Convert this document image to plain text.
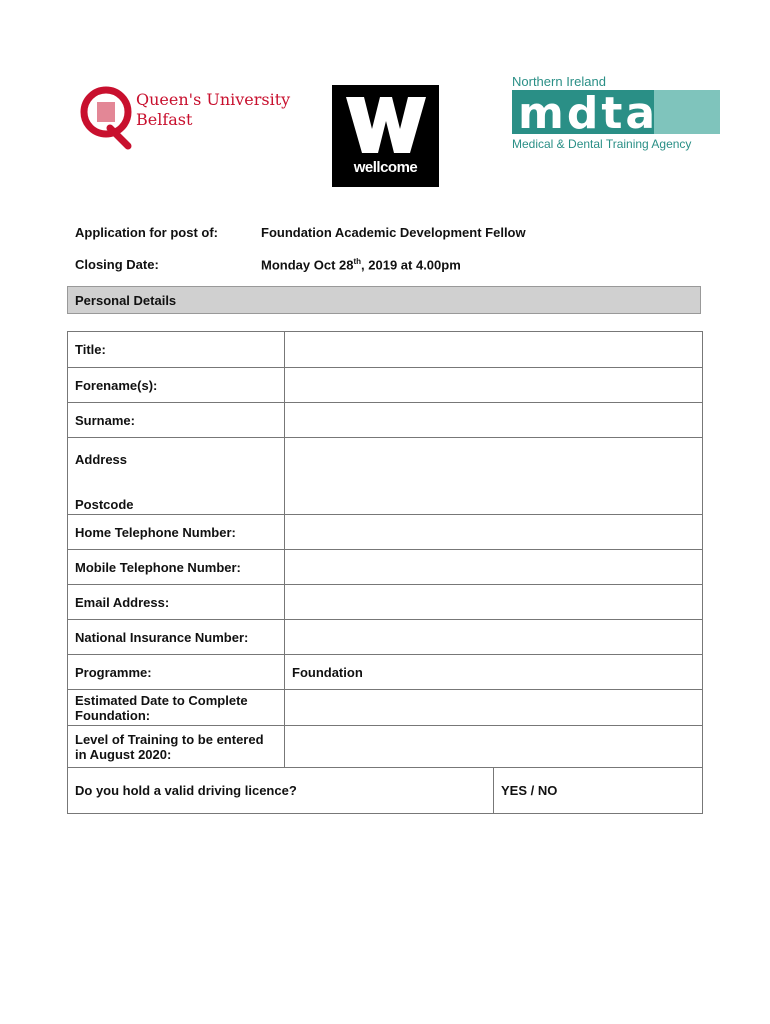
Queen's University
Belfast
wellcome
Northern Ireland
mdta
Medical & Dental Training Agency
Application for post of:	Foundation Academic Development Fellow
Closing Date:	Monday Oct 28th, 2019 at 4.00pm
Personal Details
Title:		
Forename(s):		
Surname:		

Address
Postcode		

Home Telephone Number:		
Mobile Telephone Number:		
Email Address:		
National Insurance Number:		
Programme:	Foundation	
Estimated Date to Complete Foundation:		
Level of Training to be entered in August 2020:		
Do you hold a valid driving licence?		YES / NO
